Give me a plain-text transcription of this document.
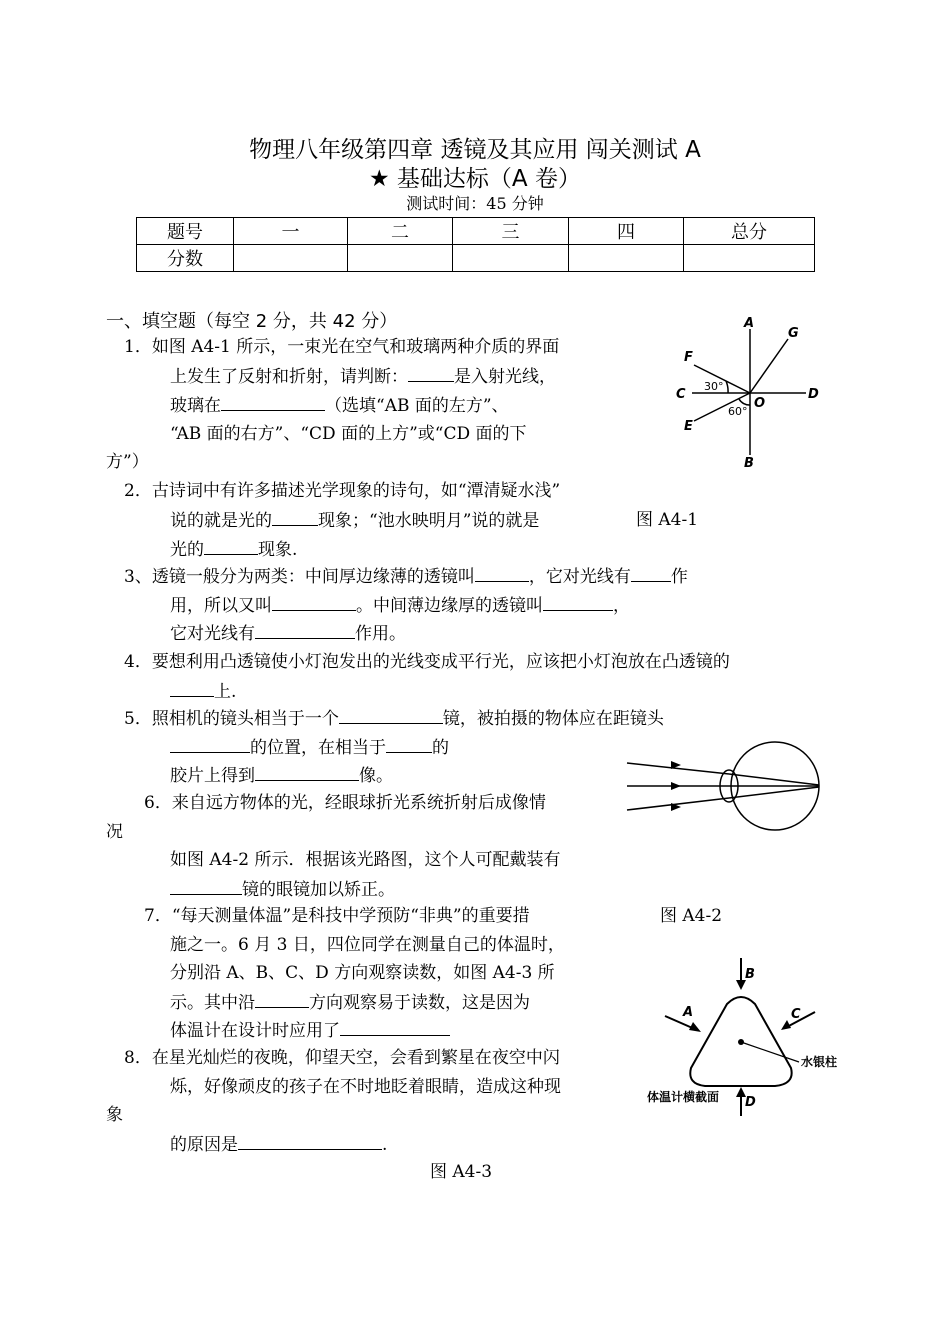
物理八年级第四章 透镜及其应用 闯关测试 A
★ 基础达标（A 卷）
测试时间：45 分钟
题号	一	二	三	四	总分
分数					
一、填空题（每空 2 分，共 42 分）
1．如图 A4-1 所示，一束光在空气和玻璃两种介质的界面
上发生了反射和折射，请判断：	是入射光线，
玻璃在	（选填“AB 面的左方”、
“AB 面的右方”、“CD 面的上方”或“CD 面的下
方”）
2．古诗词中有许多描述光学现象的诗句，如“潭清疑水浅”
说的就是光的	现象；“池水映明月”说的就是
光的	现象.
3、透镜一般分为两类：中间厚边缘薄的透镜叫	，它对光线有 作
用，所以又叫	。中间薄边缘厚的透镜叫	，
它对光线有	作用。
4．要想利用凸透镜使小灯泡发出的光线变成平行光，应该把小灯泡放在凸透镜的
上.
5．照相机的镜头相当于一个	镜，被拍摄的物体应在距镜头
的位置，在相当于	的
胶片上得到	像。
6．来自远方物体的光，经眼球折光系统折射后成像情
况
如图 A4-2 所示．根据该光路图，这个人可配戴装有
镜的眼镜加以矫正。
7．“每天测量体温”是科技中学预防“非典”的重要措
施之一。6 月 3 日，四位同学在测量自己的体温时，
分别沿 A、B、C、D 方向观察读数，如图 A4-3 所
示。其中沿	方向观察易于读数，这是因为
体温计在设计时应用了
8．在星光灿烂的夜晚，仰望天空，会看到繁星在夜空中闪
烁，好像顽皮的孩子在不时地眨着眼睛，造成这种现
象
的原因是	.
图 A4-1
图 A4-2
图 A4-3
A
B
C	D
E
F
G
O
30°
60°
B
A	C
D
水银柱
体温计横截面
